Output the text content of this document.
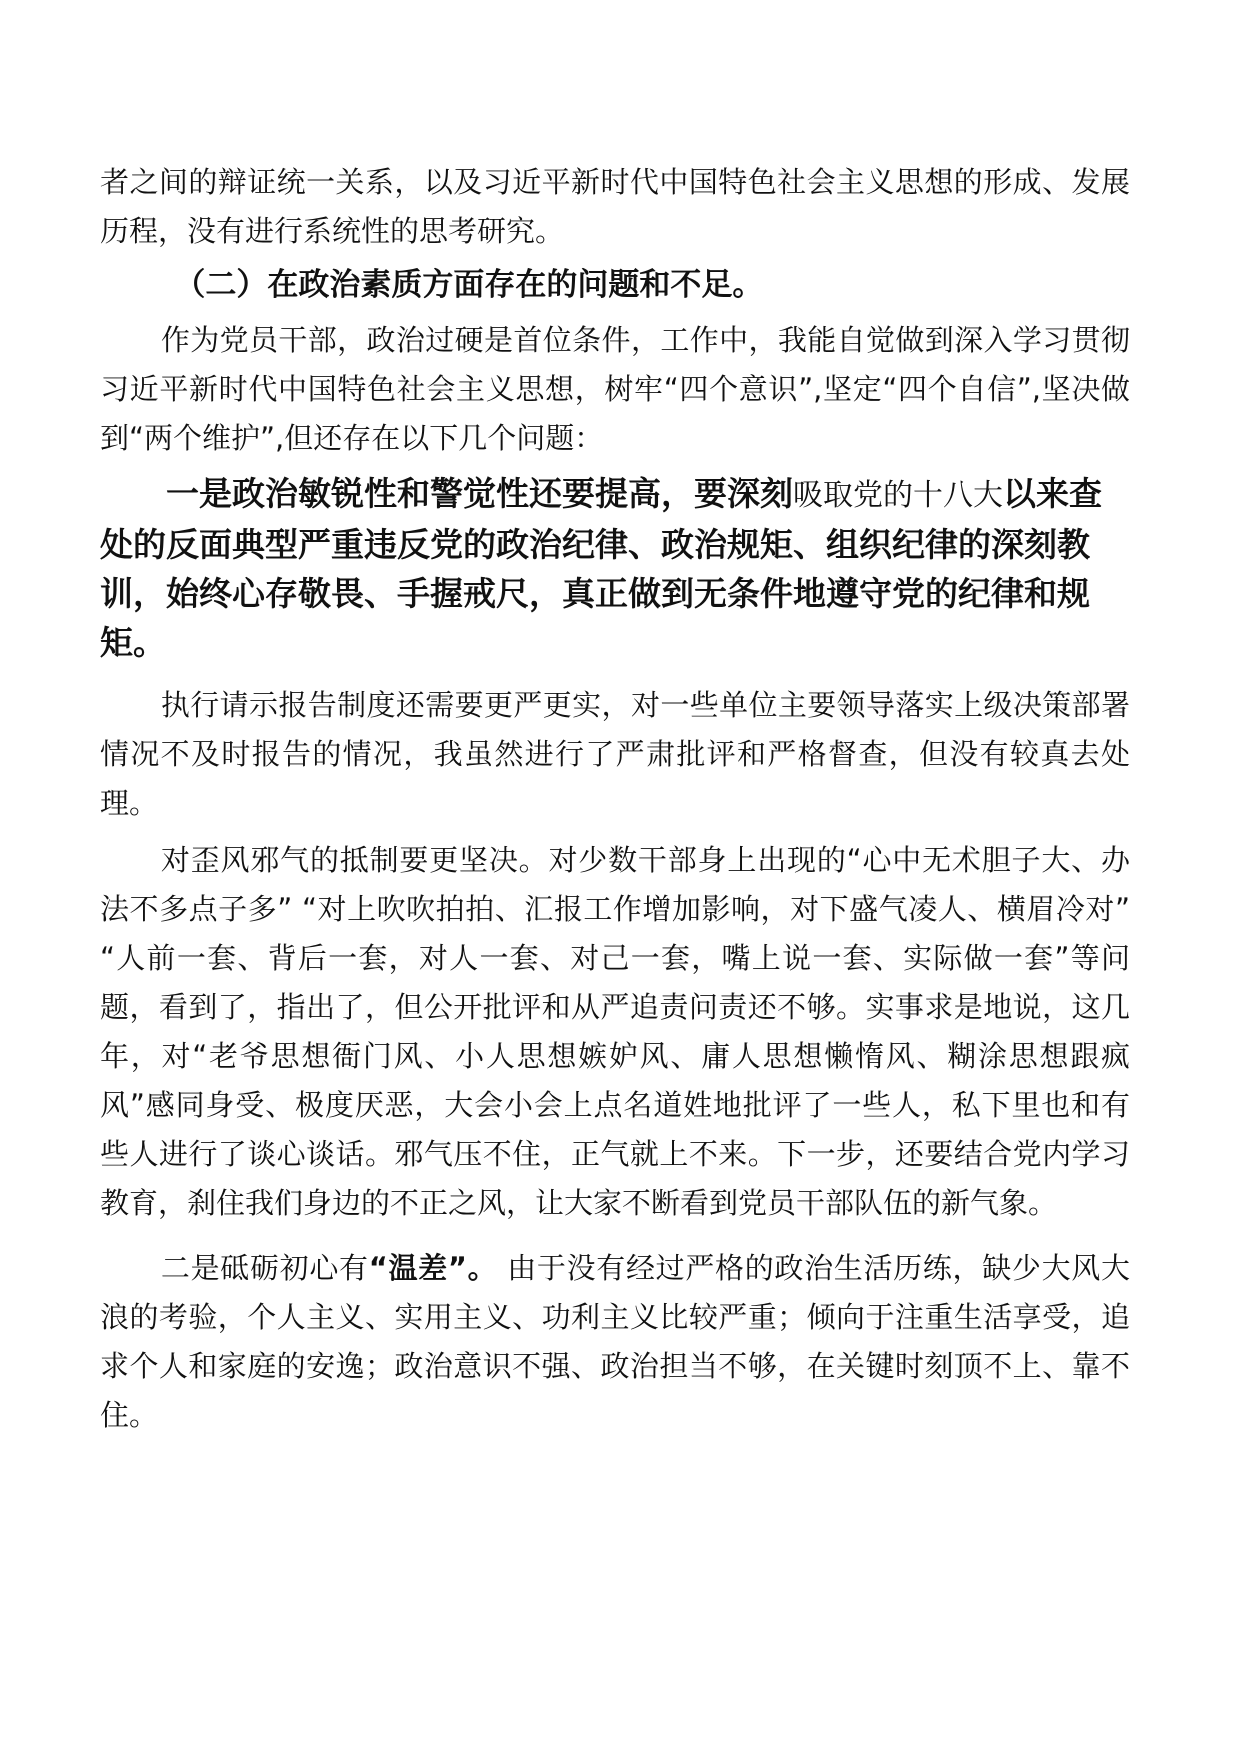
者之间的辩证统一关系，以及习近平新时代中国特色社会主义思想的形成、发展历程，没有进行系统性的思考研究。

（二）在政治素质方面存在的问题和不足。

作为党员干部，政治过硬是首位条件，工作中，我能自觉做到深入学习贯彻习近平新时代中国特色社会主义思想，树牢“四个意识”,坚定“四个自信”,坚决做到“两个维护”,但还存在以下几个问题：

一是政治敏锐性和警觉性还要提高，要深刻吸取党的十八大以来查处的反面典型严重违反党的政治纪律、政治规矩、组织纪律的深刻教训，始终心存敬畏、手握戒尺，真正做到无条件地遵守党的纪律和规矩。

执行请示报告制度还需要更严更实，对一些单位主要领导落实上级决策部署情况不及时报告的情况，我虽然进行了严肃批评和严格督查，但没有较真去处理。

对歪风邪气的抵制要更坚决。对少数干部身上出现的“心中无术胆子大、办法不多点子多” “对上吹吹拍拍、汇报工作增加影响，对下盛气凌人、横眉冷对” “人前一套、背后一套，对人一套、对己一套，嘴上说一套、实际做一套”等问题，看到了，指出了，但公开批评和从严追责问责还不够。实事求是地说，这几年，对“老爷思想衙门风、小人思想嫉妒风、庸人思想懒惰风、糊涂思想跟疯风”感同身受、极度厌恶，大会小会上点名道姓地批评了一些人，私下里也和有些人进行了谈心谈话。邪气压不住，正气就上不来。下一步，还要结合党内学习教育，刹住我们身边的不正之风，让大家不断看到党员干部队伍的新气象。

二是砥砺初心有“温差”。 由于没有经过严格的政治生活历练，缺少大风大浪的考验，个人主义、实用主义、功利主义比较严重；倾向于注重生活享受，追求个人和家庭的安逸；政治意识不强、政治担当不够，在关键时刻顶不上、靠不住。
